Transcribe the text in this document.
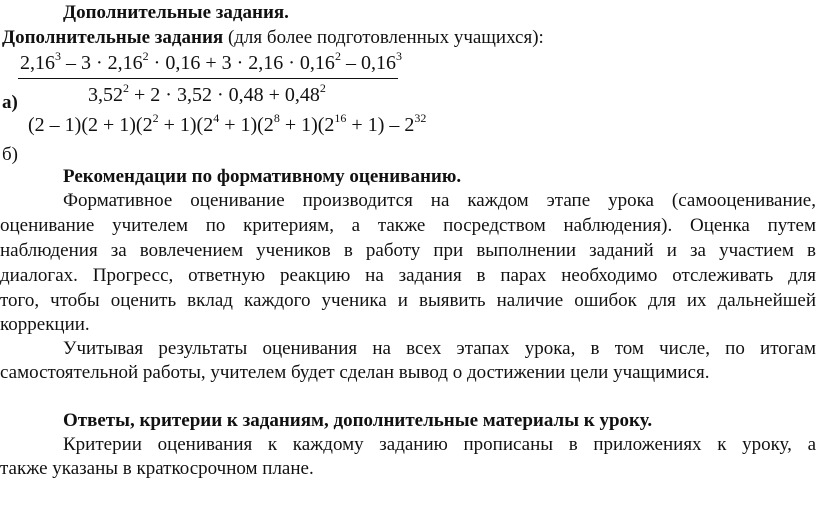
Дополнительные задания.
Дополнительные задания (для более подготовленных учащихся):
$2,16^3 - 3 \cdot 2,16^2 \cdot 0,16 + 3 \cdot 2,16 \cdot 0,16^2 - 0,16^3$
$3,52^2 + 2 \cdot 3,52 \cdot 0,48 + 0,48^2$
а)
$(2 - 1)(2 + 1)(2^2 + 1)(2^4 + 1)(2^8 + 1)(2^{16} + 1) - 2^{32}$
б)
Рекомендации по формативному оцениванию.
Формативное оценивание производится на каждом этапе урока (самооценивание,
оценивание учителем по критериям, а также посредством наблюдения). Оценка путем
наблюдения за вовлечением учеников в работу при выполнении заданий и за участием в
диалогах. Прогресс, ответную реакцию на задания в парах необходимо отслеживать для
того, чтобы оценить вклад каждого ученика и выявить наличие ошибок для их дальнейшей
коррекции.
Учитывая результаты оценивания на всех этапах урока, в том числе, по итогам
самостоятельной работы, учителем будет сделан вывод о достижении цели учащимися.
Ответы, критерии к заданиям, дополнительные материалы к уроку.
Критерии оценивания к каждому заданию прописаны в приложениях к уроку, а
также указаны в краткосрочном плане.
